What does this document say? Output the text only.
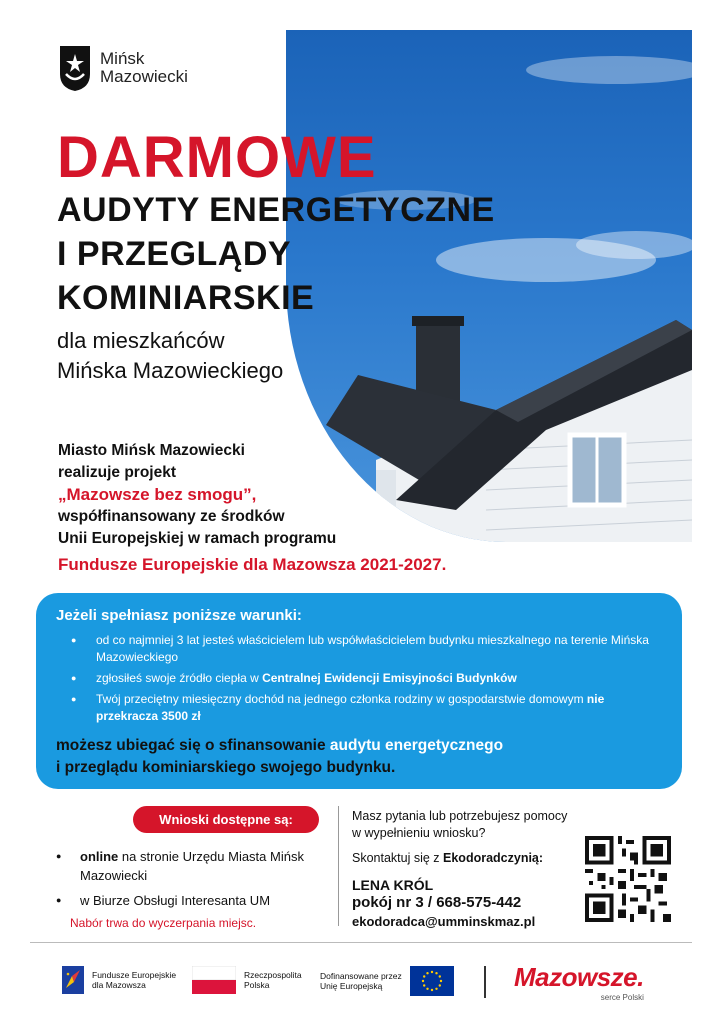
Mińsk
Mazowiecki
DARMOWE
AUDYTY ENERGETYCZNE
I PRZEGLĄDY
KOMINIARSKIE
dla mieszkańców
Mińska Mazowieckiego
Miasto Mińsk Mazowiecki
realizuje projekt
„Mazowsze bez smogu”,
współfinansowany ze środków
Unii Europejskiej w ramach programu
Fundusze Europejskie dla Mazowsza 2021-2027.
Jeżeli spełniasz poniższe warunki:
● od co najmniej 3 lat jesteś właścicielem lub współwłaścicielem budynku mieszkalnego na terenie Mińska Mazowieckiego
● zgłosiłeś swoje źródło ciepła w Centralnej Ewidencji Emisyjności Budynków
● Twój przeciętny miesięczny dochód na jednego członka rodziny w gospodarstwie domowym nie przekracza 3500 zł
możesz ubiegać się o sfinansowanie audytu energetycznego
i przeglądu kominiarskiego swojego budynku.
Wnioski dostępne są:
● online na stronie Urzędu Miasta Mińsk Mazowiecki
● w Biurze Obsługi Interesanta UM
Nabór trwa do wyczerpania miejsc.
Masz pytania lub potrzebujesz pomocy
w wypełnieniu wniosku?
Skontaktuj się z Ekodoradczynią:
LENA KRÓL
pokój nr 3 / 668-575-442
ekodoradca@umminskmaz.pl
Fundusze Europejskie
dla Mazowsza
Rzeczpospolita
Polska
Dofinansowane przez
Unię Europejską	Mazowsze.
serce Polski
